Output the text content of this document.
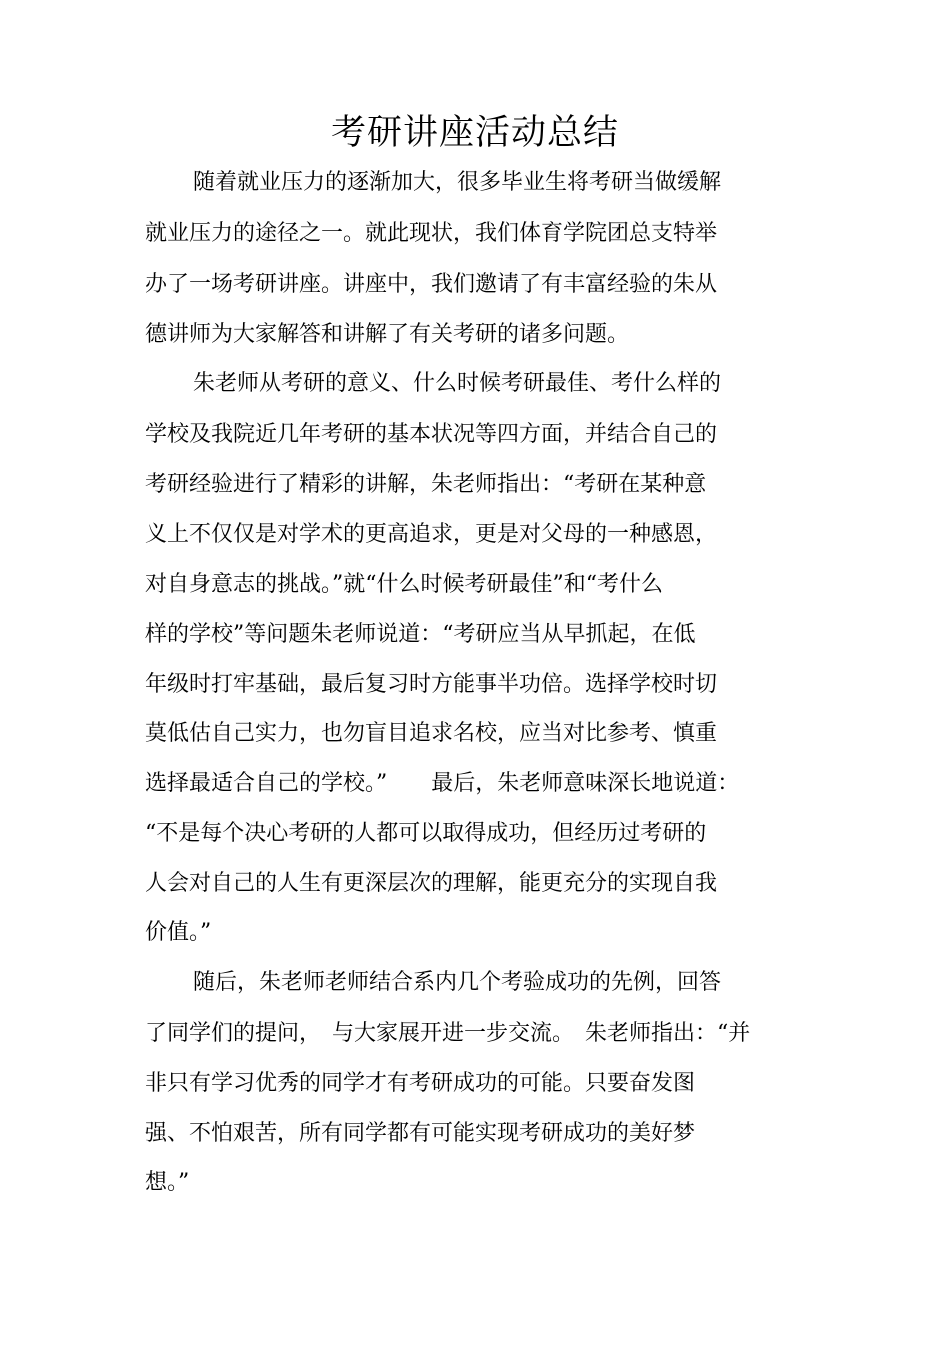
考研讲座活动总结
随着就业压力的逐渐加大，很多毕业生将考研当做缓解
就业压力的途径之一。就此现状，我们体育学院团总支特举
办了一场考研讲座。讲座中，我们邀请了有丰富经验的朱从
德讲师为大家解答和讲解了有关考研的诸多问题。
朱老师从考研的意义、什么时候考研最佳、考什么样的
学校及我院近几年考研的基本状况等四方面，并结合自己的
考研经验进行了精彩的讲解，朱老师指出：“考研在某种意
义上不仅仅是对学术的更高追求，更是对父母的一种感恩，
对自身意志的挑战。”就“什么时候考研最佳”和“考什么
样的学校”等问题朱老师说道：“考研应当从早抓起，在低
年级时打牢基础，最后复习时方能事半功倍。选择学校时切
莫低估自己实力，也勿盲目追求名校，应当对比参考、慎重
选择最适合自己的学校。”　　最后，朱老师意味深长地说道：
“不是每个决心考研的人都可以取得成功，但经历过考研的
人会对自己的人生有更深层次的理解，能更充分的实现自我
价值。”
随后，朱老师老师结合系内几个考验成功的先例，回答
了同学们的提问，　与大家展开进一步交流。　朱老师指出：“并
非只有学习优秀的同学才有考研成功的可能。只要奋发图
强、不怕艰苦，所有同学都有可能实现考研成功的美好梦
想。”
